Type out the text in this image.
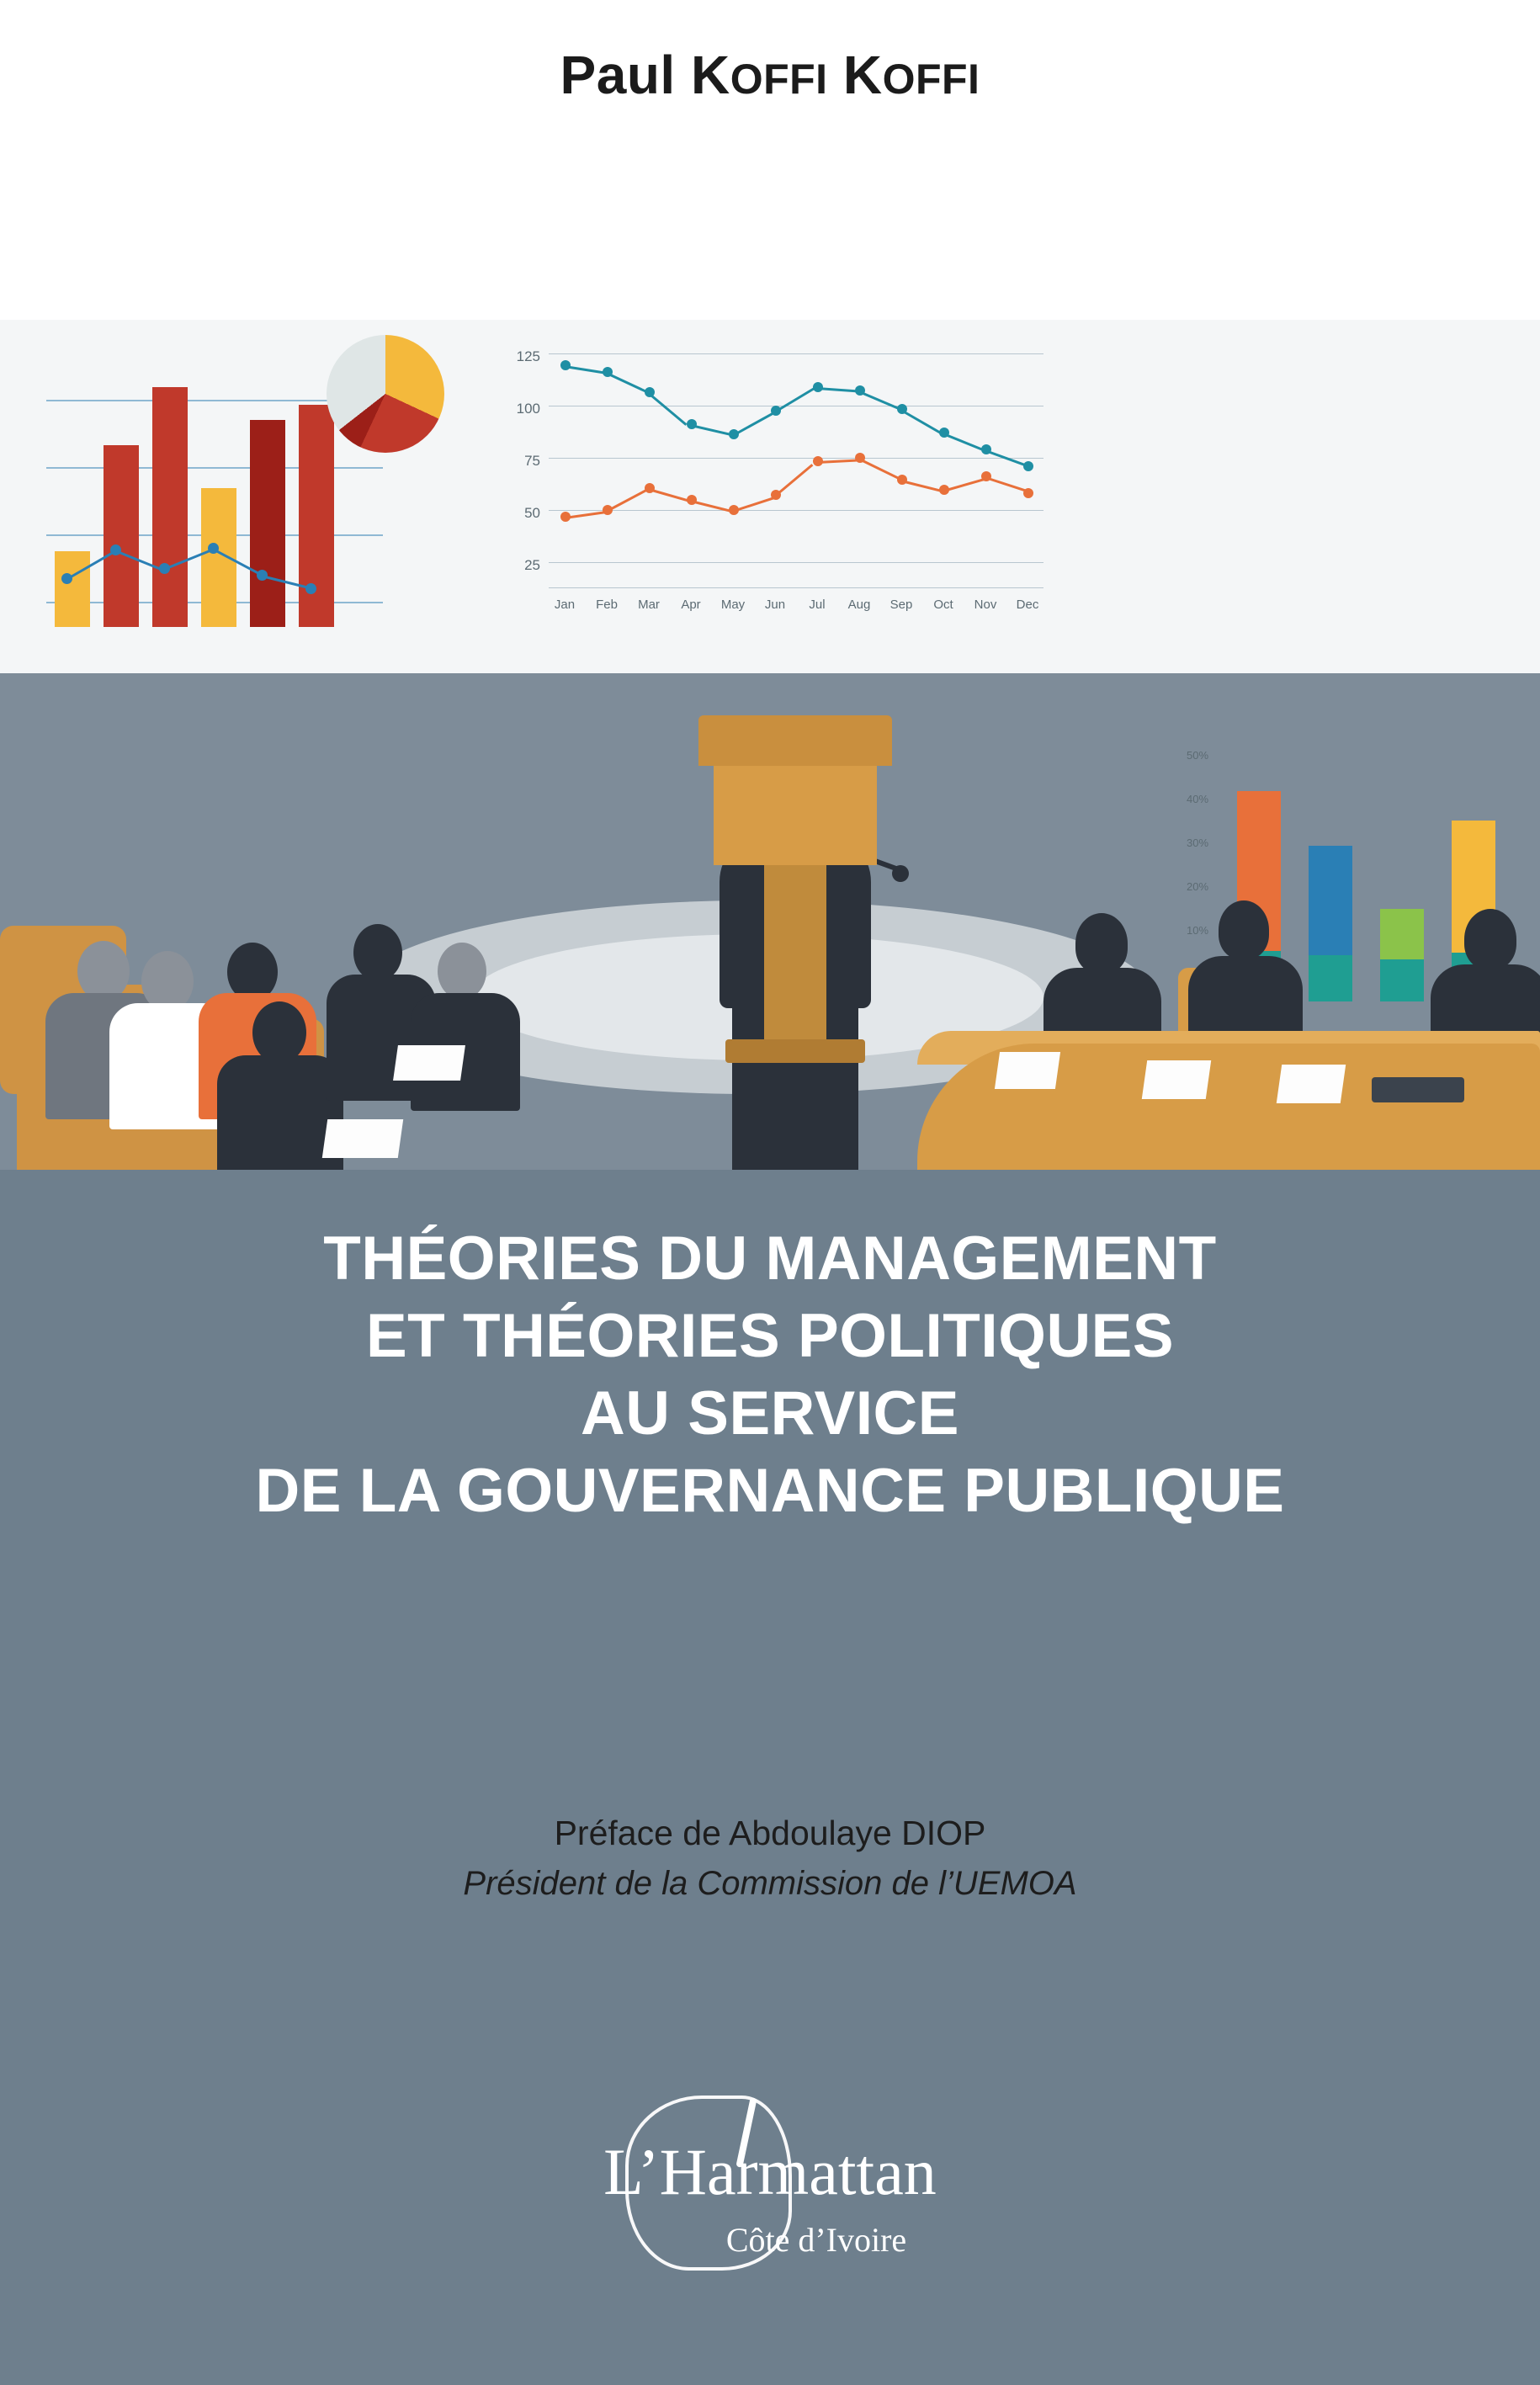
Paul KOFFI KOFFI
125
100
75
50
25
Jan	Feb	Mar	Apr	May	Jun	Jul	Aug	Sep	Oct	Nov	Dec
50%
40%
30%
20%
10%
THÉORIES DU MANAGEMENT
ET THÉORIES POLITIQUES
AU SERVICE
DE LA GOUVERNANCE PUBLIQUE
Préface de Abdoulaye DIOP
Président de la Commission de l’UEMOA
L’Harmattan
Côte d’Ivoire
